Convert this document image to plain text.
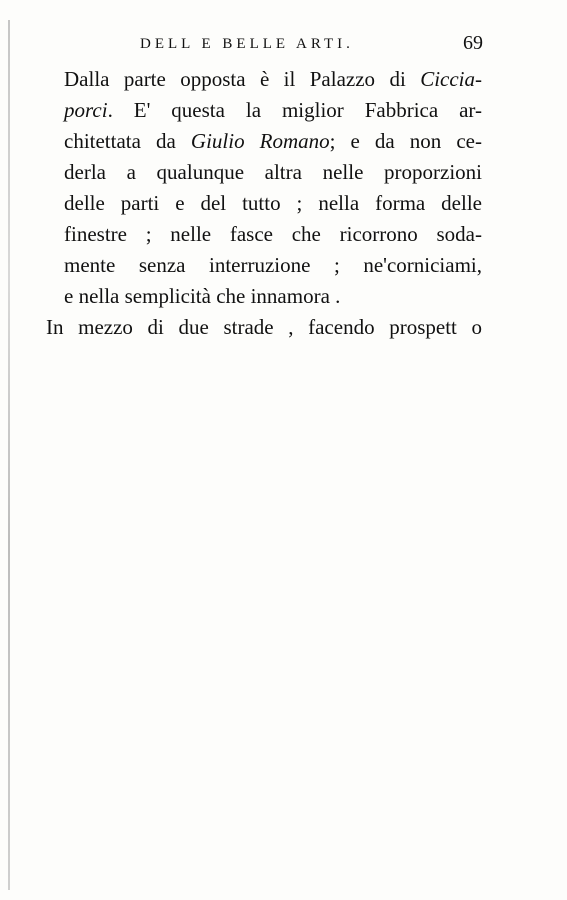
DELL E BELLE ARTI.	69
Dalla parte opposta è il Palazzo di Ciccia-
porci. E' questa la miglior Fabbrica ar-
chitettata da Giulio Romano; e da non ce-
derla a qualunque altra nelle proporzioni
delle parti e del tutto ; nella forma delle
finestre ; nelle fasce che ricorrono soda-
mente senza interruzione ; ne'corniciami,
e nella semplicità che innamora .
In mezzo di due strade , facendo prospett o
